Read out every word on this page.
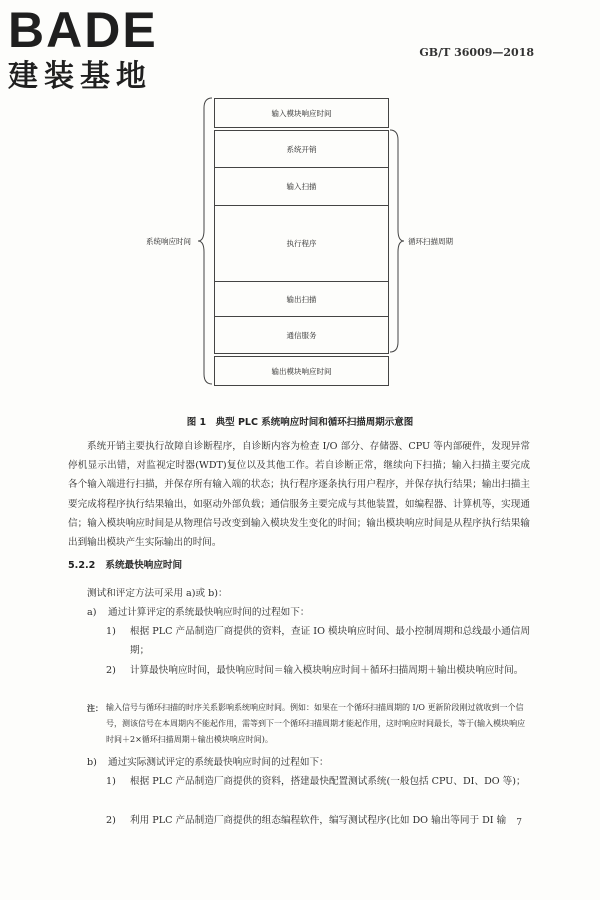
BADE
建装基地
GB/T 36009—2018
输入模块响应时间
系统开销
输入扫描
执行程序
输出扫描
通信服务
输出模块响应时间
系统响应时间	循环扫描周期
图 1　典型 PLC 系统响应时间和循环扫描周期示意图
系统开销主要执行故障自诊断程序，自诊断内容为检查 I/O 部分、存储器、CPU 等内部硬件，发现异常停机显示出错，对监视定时器(WDT)复位以及其他工作。若自诊断正常，继续向下扫描；输入扫描主要完成各个输入端进行扫描，并保存所有输入端的状态；执行程序逐条执行用户程序，并保存执行结果；输出扫描主要完成将程序执行结果输出，如驱动外部负载；通信服务主要完成与其他装置，如编程器、计算机等，实现通信；输入模块响应时间是从物理信号改变到输入模块发生变化的时间；输出模块响应时间是从程序执行结果输出到输出模块产生实际输出的时间。
5.2.2 系统最快响应时间
测试和评定方法可采用 a)或 b)：
a) 通过计算评定的系统最快响应时间的过程如下：
1) 根据 PLC 产品制造厂商提供的资料，查证 IO 模块响应时间、最小控制周期和总线最小通信周期；
2) 计算最快响应时间，最快响应时间＝输入模块响应时间＋循环扫描周期＋输出模块响应时间。
注： 输入信号与循环扫描的时序关系影响系统响应时间。例如：如果在一个循环扫描周期的 I/O 更新阶段刚过就收到一个信号，测该信号在本周期内不能起作用，需等到下一个循环扫描周期才能起作用，这时响应时间最长，等于(输入模块响应时间＋2×循环扫描周期＋输出模块响应时间)。
b) 通过实际测试评定的系统最快响应时间的过程如下：
1) 根据 PLC 产品制造厂商提供的资料，搭建最快配置测试系统(一般包括 CPU、DI、DO 等)；
2) 利用 PLC 产品制造厂商提供的组态编程软件，编写测试程序(比如 DO 输出等同于 DI 输	7
